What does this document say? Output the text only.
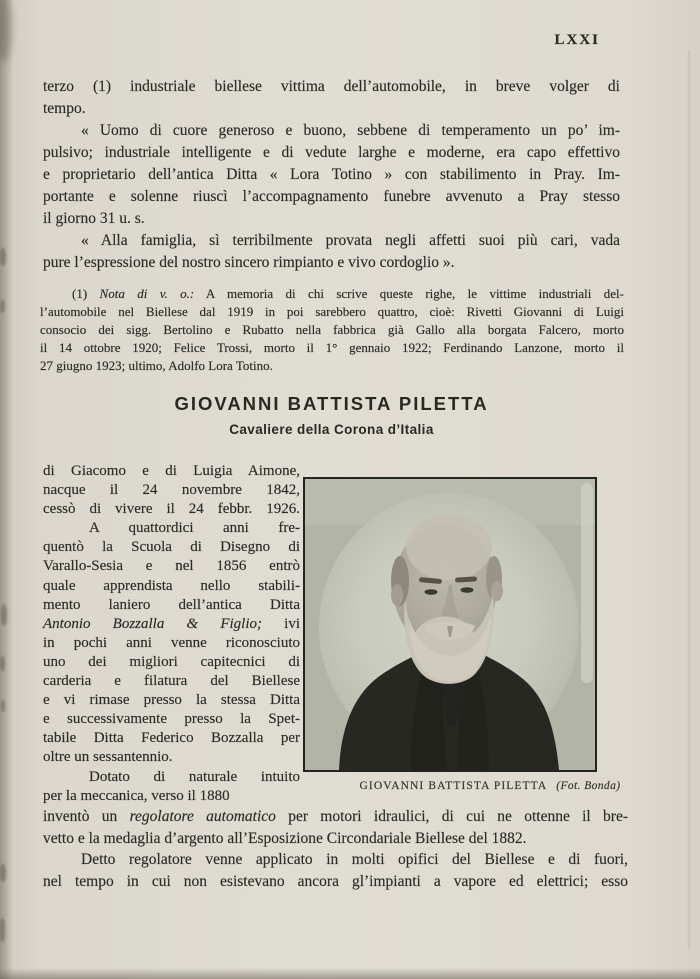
LXXI
terzo (1) industriale biellese vittima dell’automobile, in breve volger di
tempo.
« Uomo di cuore generoso e buono, sebbene di temperamento un po’ im-
pulsivo; industriale intelligente e di vedute larghe e moderne, era capo effettivo
e proprietario dell’antica Ditta « Lora Totino » con stabilimento in Pray. Im-
portante e solenne riuscì l’accompagnamento funebre avvenuto a Pray stesso
il giorno 31 u. s.
« Alla famiglia, sì terribilmente provata negli affetti suoi più cari, vada
pure l’espressione del nostro sincero rimpianto e vivo cordoglio ».
(1) Nota di v. o.: A memoria di chi scrive queste righe, le vittime industriali del-
l’automobile nel Biellese dal 1919 in poi sarebbero quattro, cioè: Rivetti Giovanni di Luigi
consocio dei sigg. Bertolino e Rubatto nella fabbrica già Gallo alla borgata Falcero, morto
il 14 ottobre 1920; Felice Trossi, morto il 1° gennaio 1922; Ferdinando Lanzone, morto il
27 giugno 1923; ultimo, Adolfo Lora Totino.
GIOVANNI BATTISTA PILETTA
Cavaliere della Corona d’Italia
di Giacomo e di Luigia Aimone,
nacque il 24 novembre 1842,
cessò di vivere il 24 febbr. 1926.
A quattordici anni fre-
quentò la Scuola di Disegno di
Varallo-Sesia e nel 1856 entrò
quale apprendista nello stabili-
mento laniero dell’antica Ditta
Antonio Bozzalla & Figlio; ivi
in pochi anni venne riconosciuto
uno dei migliori capitecnici di
carderia e filatura del Biellese
e vi rimase presso la stessa Ditta
e successivamente presso la Spet-
tabile Ditta Federico Bozzalla per
oltre un sessantennio.
Dotato di naturale intuito
per la meccanica, verso il 1880
GIOVANNI BATTISTA PILETTA (Fot. Bonda)
inventò un regolatore automatico per motori idraulici, di cui ne ottenne il bre-
vetto e la medaglia d’argento all’Esposizione Circondariale Biellese del 1882.
Detto regolatore venne applicato in molti opifici del Biellese e di fuori,
nel tempo in cui non esistevano ancora gl’impianti a vapore ed elettrici; esso
